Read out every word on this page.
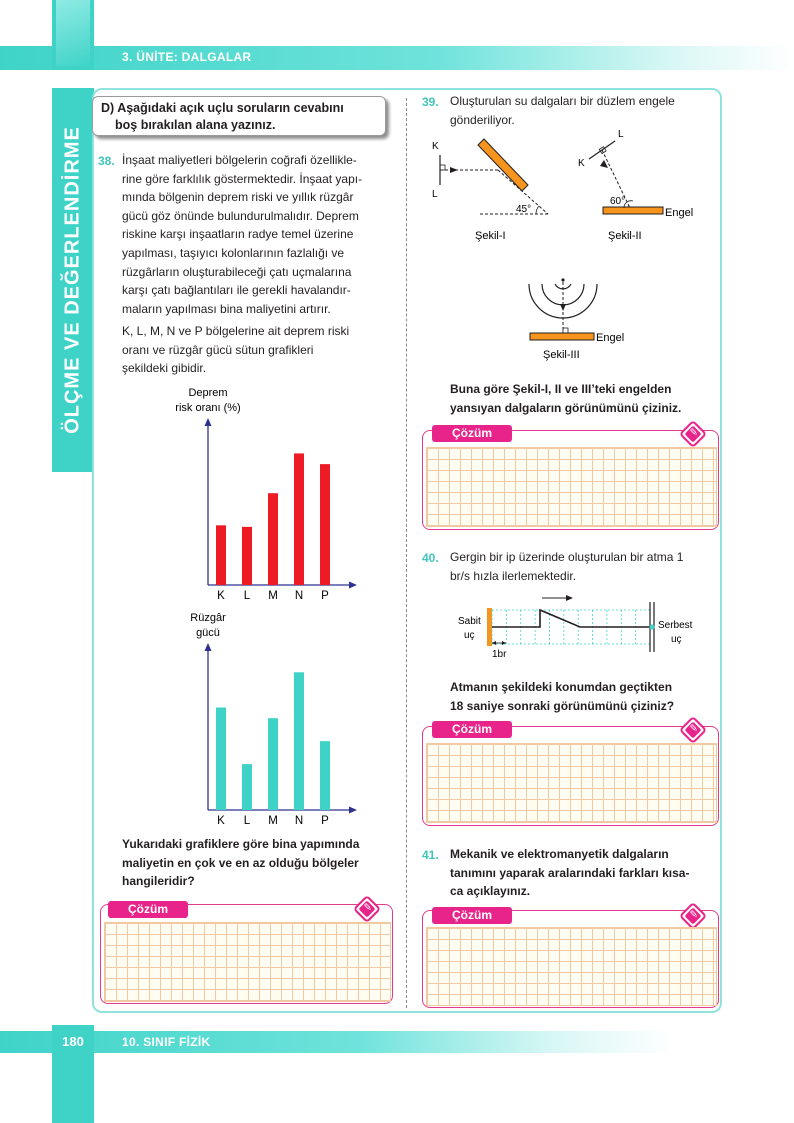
3. ÜNİTE: DALGALAR
ÖLÇME VE DEĞERLENDİRME
D) Aşağıdaki açık uçlu soruların cevabını
boş bırakılan alana yazınız.
38. İnşaat maliyetleri bölgelerin coğrafi özellikle-
rine göre farklılık göstermektedir. İnşaat yapı-
mında bölgenin deprem riski ve yıllık rüzgâr
gücü göz önünde bulundurulmalıdır. Deprem
riskine karşı inşaatların radye temel üzerine
yapılması, taşıyıcı kolonlarının fazlalığı ve
rüzgârların oluşturabileceği çatı uçmalarına
karşı çatı bağlantıları ile gerekli havalandır-
maların yapılması bina maliyetini artırır.
K, L, M, N ve P bölgelerine ait deprem riski
oranı ve rüzgâr gücü sütun grafikleri
şekildeki gibidir.
Deprem
risk oranı (%)
K L M N P
Rüzgâr
gücü
K L M N P
Yukarıdaki grafiklere göre bina yapımında
maliyetin en çok ve en az olduğu bölgeler
hangileridir?
Çözüm	✎
39. Oluşturulan su dalgaları bir düzlem engele
gönderiliyor.
K
L
45°
Şekil-I
L
K
60°
Engel
Şekil-II
Engel
Şekil-III
Buna göre Şekil-I, II ve III’teki engelden
yansıyan dalgaların görünümünü çiziniz.
Çözüm	✎
40. Gergin bir ip üzerinde oluşturulan bir atma 1
br/s hızla ilerlemektedir.
1br
Sabit
uç
Serbest
uç
Atmanın şekildeki konumdan geçtikten
18 saniye sonraki görünümünü çiziniz?
Çözüm	✎
41. Mekanik ve elektromanyetik dalgaların
tanımını yaparak aralarındaki farkları kısa-
ca açıklayınız.
Çözüm	✎
180	10. SINIF FİZİK
